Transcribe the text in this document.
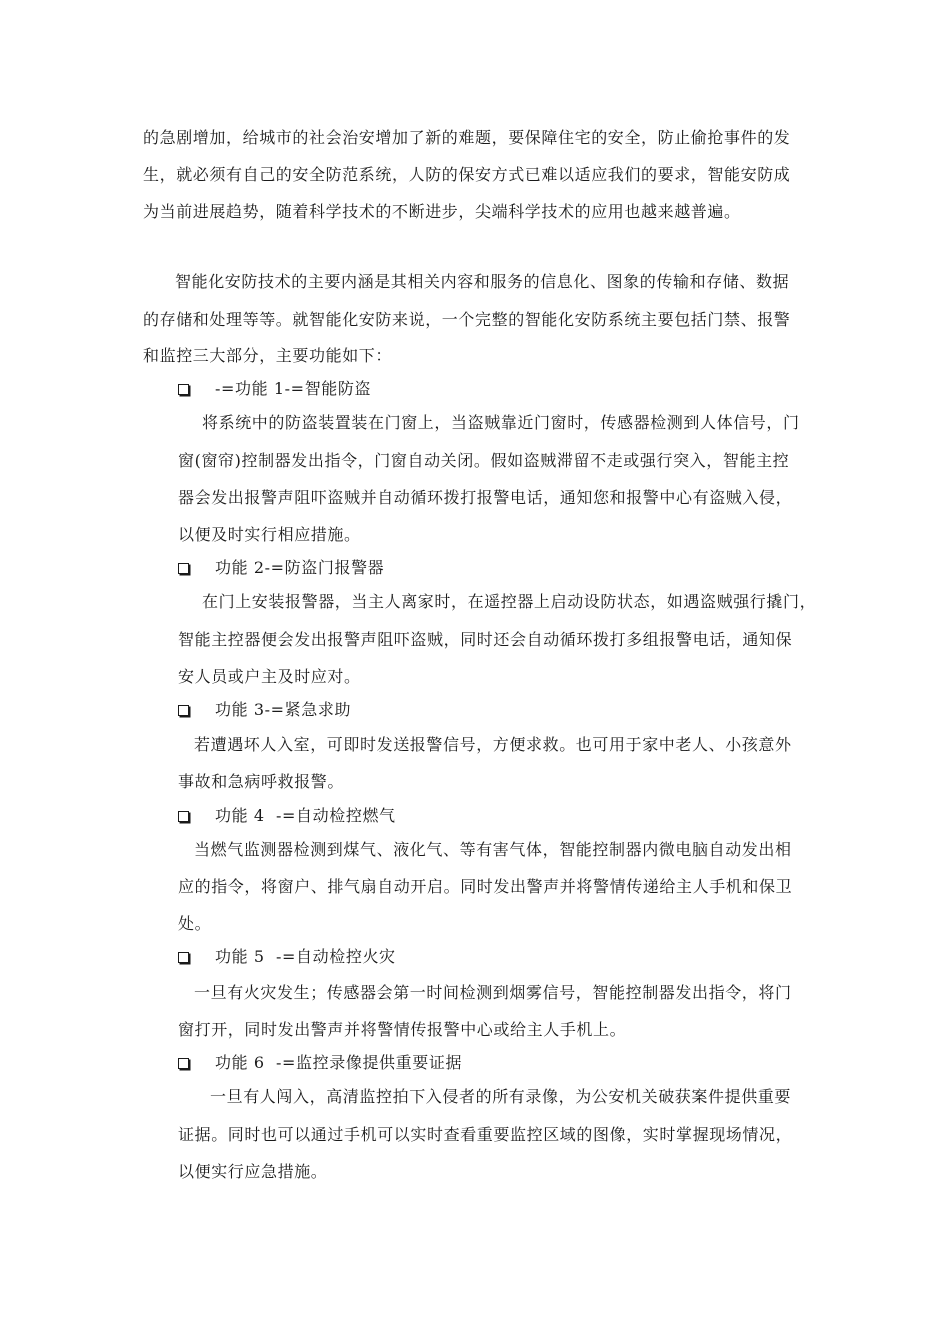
的急剧增加，给城市的社会治安增加了新的难题，要保障住宅的安全，防止偷抢事件的发
生，就必须有自己的安全防范系统，人防的保安方式已难以适应我们的要求，智能安防成
为当前进展趋势，随着科学技术的不断进步，尖端科学技术的应用也越来越普遍。
智能化安防技术的主要内涵是其相关内容和服务的信息化、图象的传输和存储、数据
的存储和处理等等。就智能化安防来说，一个完整的智能化安防系统主要包括门禁、报警
和监控三大部分，主要功能如下：
-=功能 1-=智能防盗
将系统中的防盗装置装在门窗上，当盗贼靠近门窗时，传感器检测到人体信号，门
窗(窗帘)控制器发出指令，门窗自动关闭。假如盗贼滞留不走或强行突入，智能主控
器会发出报警声阻吓盗贼并自动循环拨打报警电话，通知您和报警中心有盗贼入侵，
以便及时实行相应措施。
功能 2-=防盗门报警器
在门上安装报警器，当主人离家时，在遥控器上启动设防状态，如遇盗贼强行撬门，
智能主控器便会发出报警声阻吓盗贼，同时还会自动循环拨打多组报警电话，通知保
安人员或户主及时应对。
功能 3-=紧急求助
若遭遇坏人入室，可即时发送报警信号，方便求救。也可用于家中老人、小孩意外
事故和急病呼救报警。
功能 4  -=自动检控燃气
当燃气监测器检测到煤气、液化气、等有害气体，智能控制器内微电脑自动发出相
应的指令，将窗户、排气扇自动开启。同时发出警声并将警情传递给主人手机和保卫
处。
功能 5  -=自动检控火灾
一旦有火灾发生；传感器会第一时间检测到烟雾信号，智能控制器发出指令，将门
窗打开，同时发出警声并将警情传报警中心或给主人手机上。
功能 6  -=监控录像提供重要证据
一旦有人闯入，高清监控拍下入侵者的所有录像，为公安机关破获案件提供重要
证据。同时也可以通过手机可以实时查看重要监控区域的图像，实时掌握现场情况，
以便实行应急措施。
